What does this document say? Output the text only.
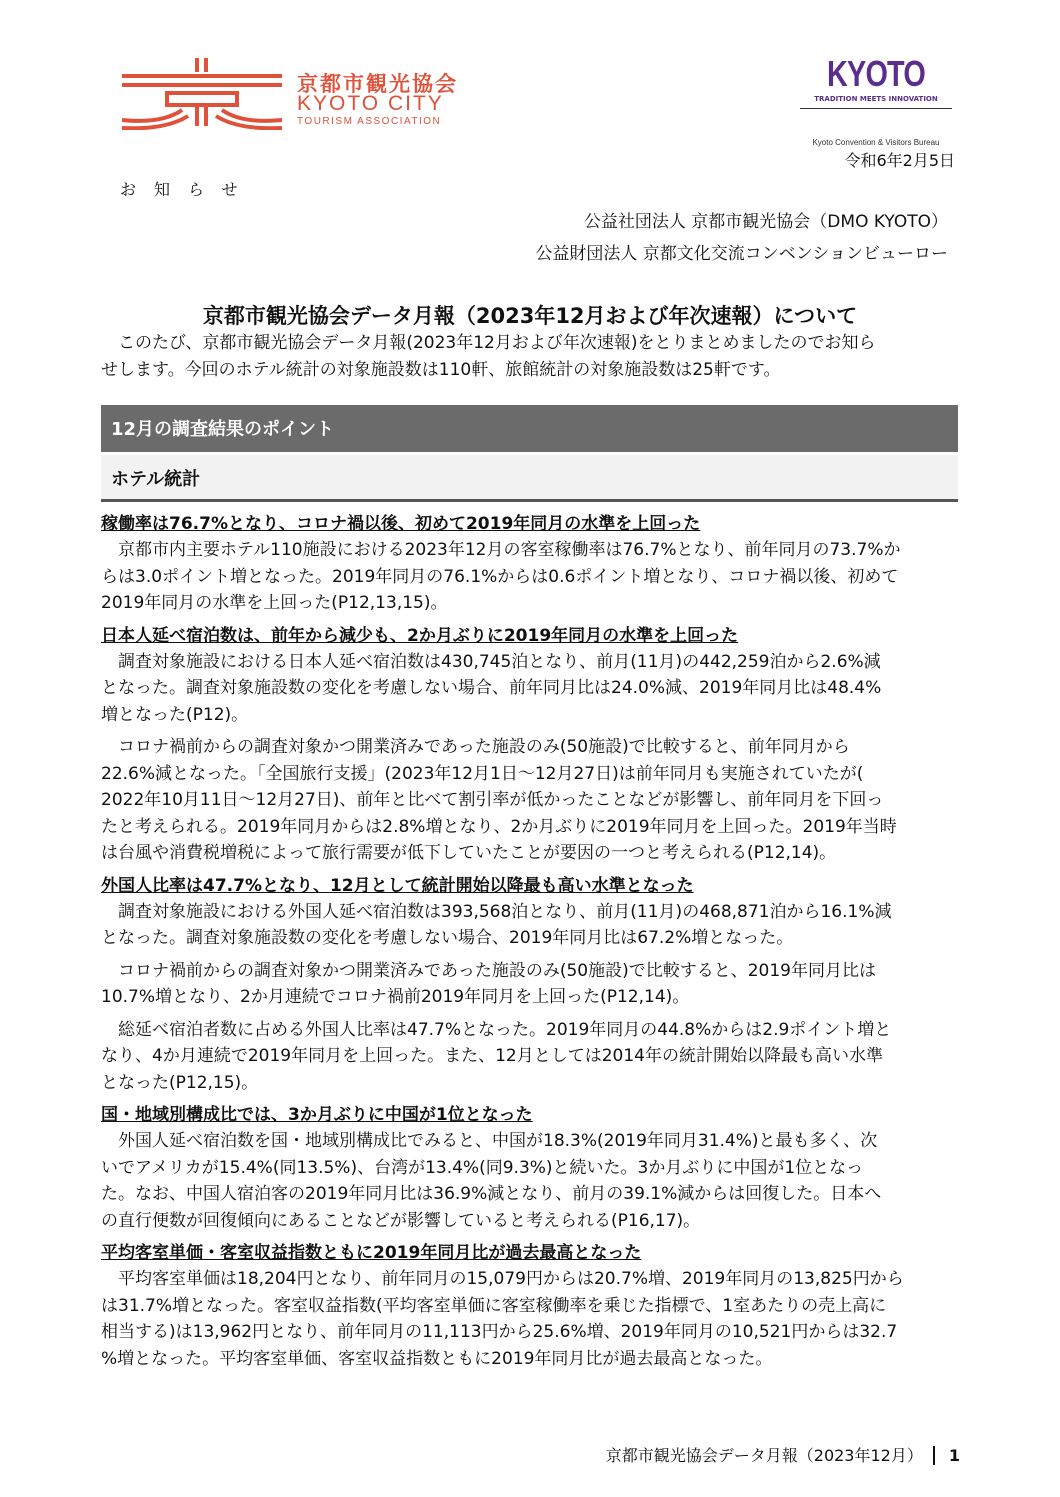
京都市観光協会
KYOTO CITY
TOURISM ASSOCIATION
KYOTO
TRADITION MEETS INNOVATION
Kyoto Convention & Visitors Bureau
令和6年2月5日
お知らせ
公益社団法人 京都市観光協会（DMO KYOTO）
公益財団法人 京都文化交流コンベンションビューロー
京都市観光協会データ月報（2023年12月および年次速報）について
　このたび、京都市観光協会データ月報(2023年12月および年次速報)をとりまとめましたのでお知ら
せします。今回のホテル統計の対象施設数は110軒、旅館統計の対象施設数は25軒です。
12月の調査結果のポイント
ホテル統計
稼働率は76.7%となり、コロナ禍以後、初めて2019年同月の水準を上回った
　京都市内主要ホテル110施設における2023年12月の客室稼働率は76.7%となり、前年同月の73.7%か
らは3.0ポイント増となった。2019年同月の76.1%からは0.6ポイント増となり、コロナ禍以後、初めて
2019年同月の水準を上回った(P12,13,15)。
日本人延べ宿泊数は、前年から減少も、2か月ぶりに2019年同月の水準を上回った
　調査対象施設における日本人延べ宿泊数は430,745泊となり、前月(11月)の442,259泊から2.6%減
となった。調査対象施設数の変化を考慮しない場合、前年同月比は24.0%減、2019年同月比は48.4%
増となった(P12)。
　コロナ禍前からの調査対象かつ開業済みであった施設のみ(50施設)で比較すると、前年同月から
22.6%減となった。「全国旅行支援」(2023年12月1日～12月27日)は前年同月も実施されていたが(
2022年10月11日～12月27日)、前年と比べて割引率が低かったことなどが影響し、前年同月を下回っ
たと考えられる。2019年同月からは2.8%増となり、2か月ぶりに2019年同月を上回った。2019年当時
は台風や消費税増税によって旅行需要が低下していたことが要因の一つと考えられる(P12,14)。
外国人比率は47.7%となり、12月として統計開始以降最も高い水準となった
　調査対象施設における外国人延べ宿泊数は393,568泊となり、前月(11月)の468,871泊から16.1%減
となった。調査対象施設数の変化を考慮しない場合、2019年同月比は67.2%増となった。
　コロナ禍前からの調査対象かつ開業済みであった施設のみ(50施設)で比較すると、2019年同月比は
10.7%増となり、2か月連続でコロナ禍前2019年同月を上回った(P12,14)。
　総延べ宿泊者数に占める外国人比率は47.7%となった。2019年同月の44.8%からは2.9ポイント増と
なり、4か月連続で2019年同月を上回った。また、12月としては2014年の統計開始以降最も高い水準
となった(P12,15)。
国・地域別構成比では、3か月ぶりに中国が1位となった
　外国人延べ宿泊数を国・地域別構成比でみると、中国が18.3%(2019年同月31.4%)と最も多く、次
いでアメリカが15.4%(同13.5%)、台湾が13.4%(同9.3%)と続いた。3か月ぶりに中国が1位となっ
た。なお、中国人宿泊客の2019年同月比は36.9%減となり、前月の39.1%減からは回復した。日本へ
の直行便数が回復傾向にあることなどが影響していると考えられる(P16,17)。
平均客室単価・客室収益指数ともに2019年同月比が過去最高となった
　平均客室単価は18,204円となり、前年同月の15,079円からは20.7%増、2019年同月の13,825円から
は31.7%増となった。客室収益指数(平均客室単価に客室稼働率を乗じた指標で、1室あたりの売上高に
相当する)は13,962円となり、前年同月の11,113円から25.6%増、2019年同月の10,521円からは32.7
%増となった。平均客室単価、客室収益指数ともに2019年同月比が過去最高となった。
京都市観光協会データ月報（2023年12月） 1
